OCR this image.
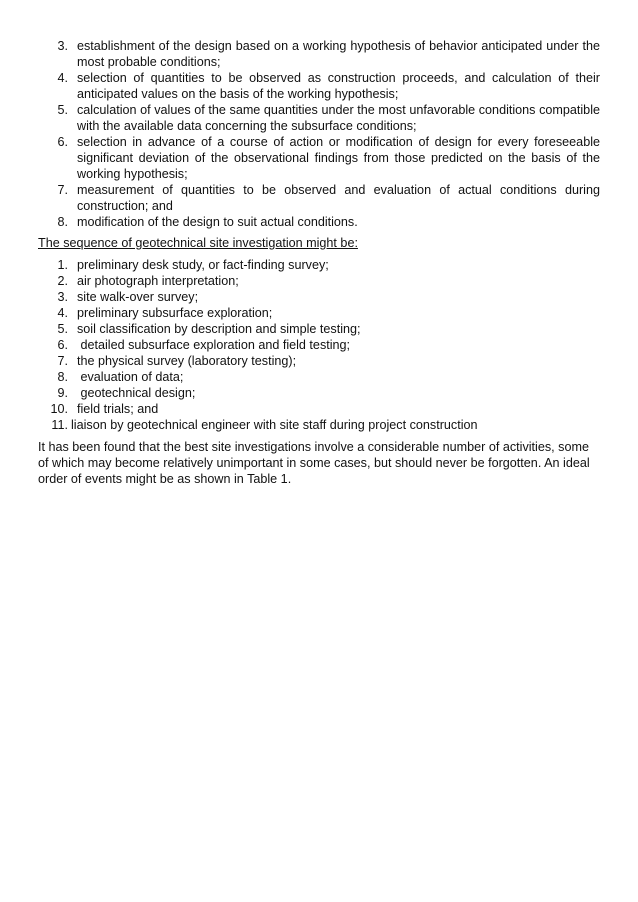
3. establishment of the design based on a working hypothesis of behavior anticipated under the most probable conditions;
4. selection of quantities to be observed as construction proceeds, and calculation of their anticipated values on the basis of the working hypothesis;
5. calculation of values of the same quantities under the most unfavorable conditions compatible with the available data concerning the subsurface conditions;
6. selection in advance of a course of action or modification of design for every foreseeable significant deviation of the observational findings from those predicted on the basis of the working hypothesis;
7. measurement of quantities to be observed and evaluation of actual conditions during construction; and
8. modification of the design to suit actual conditions.

The sequence of geotechnical site investigation might be:

1. preliminary desk study, or fact-finding survey;
2. air photograph interpretation;
3. site walk-over survey;
4. preliminary subsurface exploration;
5. soil classification by description and simple testing;
6. detailed subsurface exploration and field testing;
7. the physical survey (laboratory testing);
8. evaluation of data;
9. geotechnical design;
10. field trials; and
11. liaison by geotechnical engineer with site staff during project construction

It has been found that the best site investigations involve a considerable number of activities, some of which may become relatively unimportant in some cases, but should never be forgotten. An ideal order of events might be as shown in Table 1.
